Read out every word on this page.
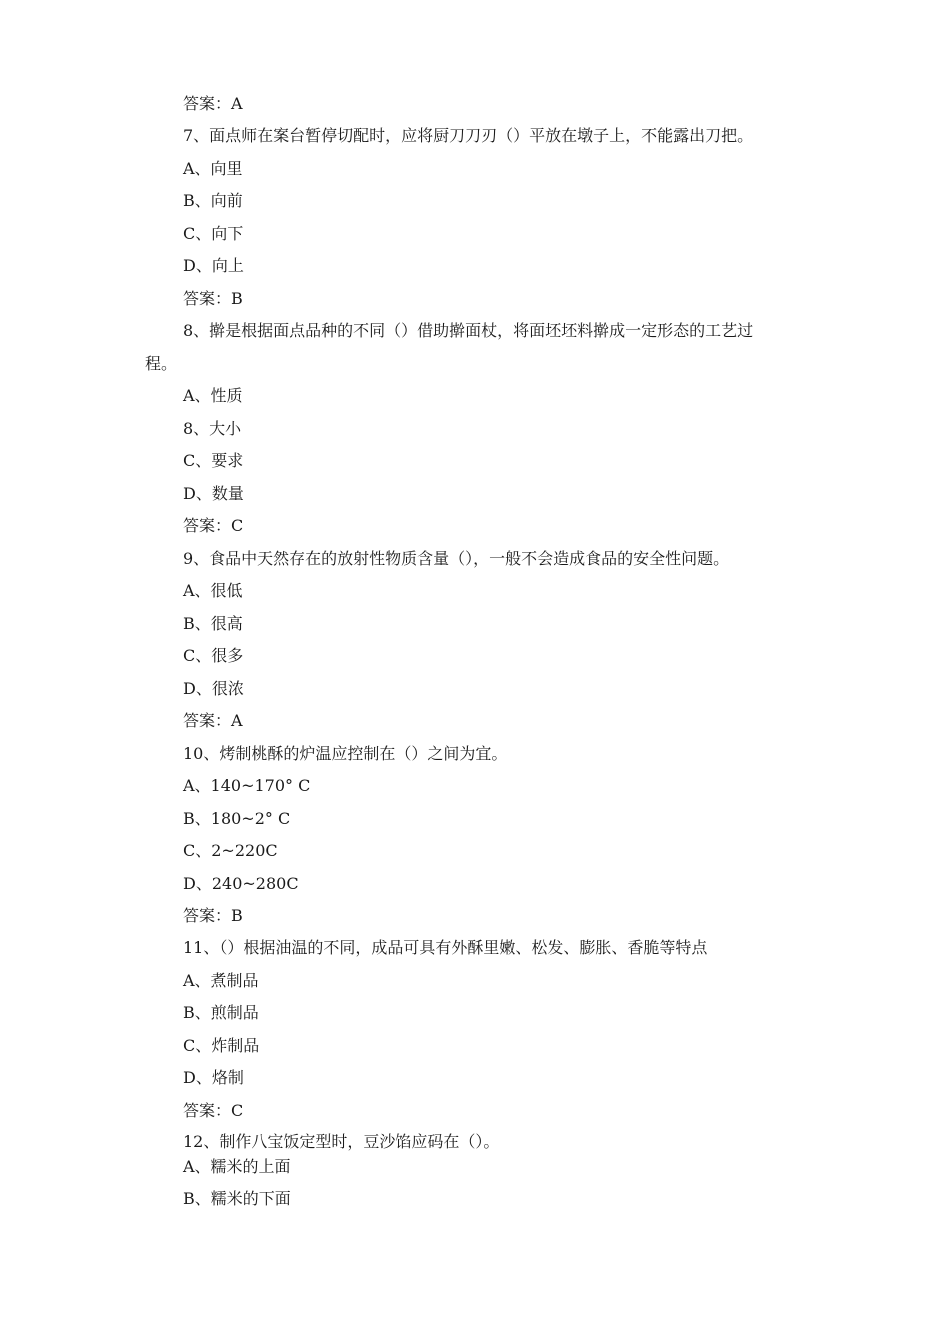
答案：A
7、面点师在案台暂停切配时，应将厨刀刀刃（）平放在墩子上，不能露出刀把。
A、向里
B、向前
C、向下
D、向上
答案：B
8、擀是根据面点品种的不同（）借助擀面杖，将面坯坯料擀成一定形态的工艺过
程。
A、性质
8、大小
C、要求
D、数量
答案：C
9、食品中天然存在的放射性物质含量（），一般不会造成食品的安全性问题。
A、很低
B、很高
C、很多
D、很浓
答案：A
10、烤制桃酥的炉温应控制在（）之间为宜。
A、140~170° C
B、180~2° C
C、2~220C
D、240~280C
答案：B
11、（）根据油温的不同，成品可具有外酥里嫩、松发、膨胀、香脆等特点
A、煮制品
B、煎制品
C、炸制品
D、烙制
答案：C
12、制作八宝饭定型时，豆沙馅应码在（）。
A、糯米的上面
B、糯米的下面
